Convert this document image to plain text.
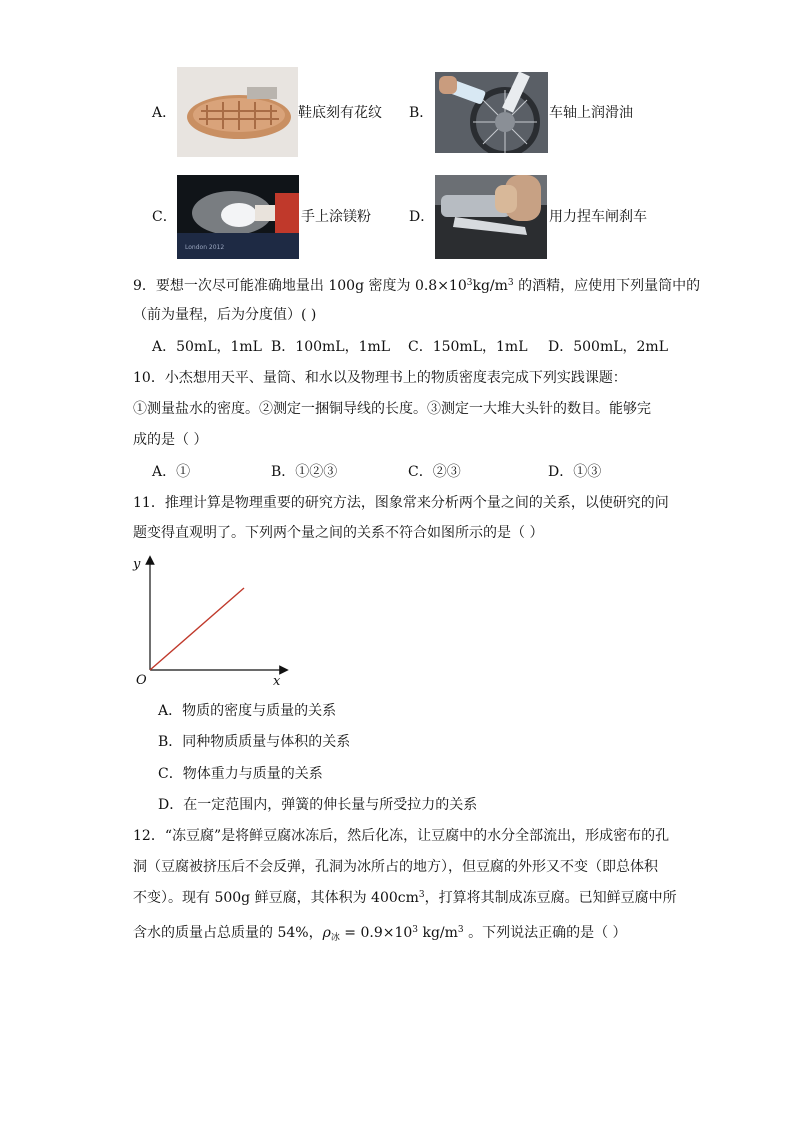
A．	鞋底刻有花纹 B．	车轴上润滑油
C．
London 2012
手上涂镁粉	D．	用力捏车闸刹车
9．要想一次尽可能准确地量出 100g 密度为 $0.8\times 10^3kg/m^3$ 的酒精，应使用下列量筒中的
（前为量程，后为分度值）( )
A．50mL，1mL B．100mL，1mL C．150mL，1mL D．500mL，2mL
10．小杰想用天平、量筒、和水以及物理书上的物质密度表完成下列实践课题：
①测量盐水的密度。②测定一捆铜导线的长度。③测定一大堆大头针的数目。能够完
成的是（ ）
A．①	B．①②③	C．②③	D．①③
11．推理计算是物理重要的研究方法，图象常来分析两个量之间的关系，以使研究的问
题变得直观明了。下列两个量之间的关系不符合如图所示的是（ ）
y
x
O
A．物质的密度与质量的关系
B．同种物质质量与体积的关系
C．物体重力与质量的关系
D．在一定范围内，弹簧的伸长量与所受拉力的关系
12．“冻豆腐”是将鲜豆腐冰冻后，然后化冻，让豆腐中的水分全部流出，形成密布的孔
洞（豆腐被挤压后不会反弹，孔洞为冰所占的地方），但豆腐的外形又不变（即总体积
不变）。现有 500g 鲜豆腐，其体积为 $400cm^3$，打算将其制成冻豆腐。已知鲜豆腐中所
含水的质量占总质量的 54%，$\rho_冰 = 0.9\times 10^3$ $kg/m^3$ 。下列说法正确的是（ ）
